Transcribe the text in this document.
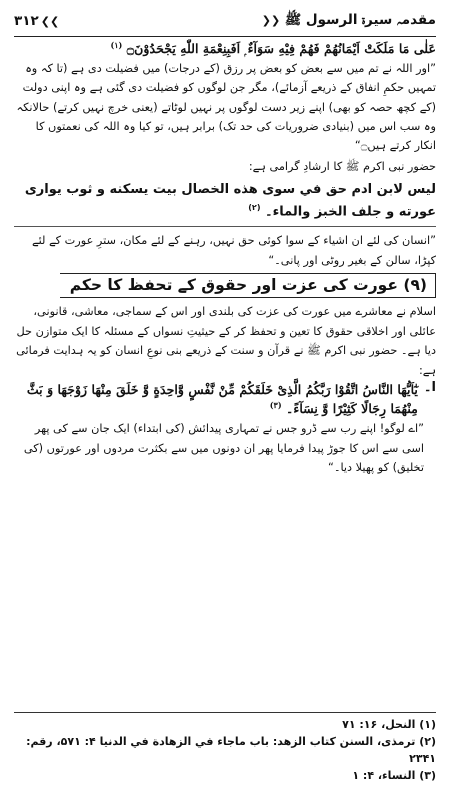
مقدمہ سیرۃ الرسول ﷺ ❮❮
❯❯
۳۱۲
عَلٰى مَا مَلَكَتْ اَيْمَانُهُمْ فَهُمْ فِيْهِ سَوَآءٌ ۭ اَفَبِنِعْمَةِ اللّٰهِ يَجْحَدُوْنَ۝ $^{(۱)}$

”اور اللہ نے تم میں سے بعض کو بعض پر رزق (کے درجات) میں فضیلت دی ہے (تا کہ وہ تمہیں حکمِ انفاق کے ذریعے آزمائے)، مگر جن لوگوں کو فضیلت دی گئی ہے وہ اپنی دولت (کے کچھ حصہ کو بھی) اپنے زیر دست لوگوں پر نہیں لوٹاتے (یعنی خرچ نہیں کرتے) حالانکہ وہ سب اس میں (بنیادی ضروریات کی حد تک) برابر ہیں، تو کیا وہ اللہ کی نعمتوں کا انکار کرتے ہیں۝“

حضور نبی اکرم ﷺ کا ارشادِ گرامی ہے:

ليس لابن ادم حق في سوى هذه الخصال بيت يسكنه و ثوب يوارى عورته و جلف الخبز والماء۔ $^{(۲)}$

”انسان کی لئے ان اشیاء کے سوا کوئی حق نہیں، رہنے کے لئے مکان، سترِ عورت کے لئے کپڑا، سالن کے بغیر روٹی اور پانی۔“

(۹) عورت کی عزت اور حقوق کے تحفظ کا حکم

اسلام نے معاشرے میں عورت کی عزت کی بلندی اور اس کے سماجی، معاشی، قانونی، عائلی اور اخلاقی حقوق کا تعین و تحفظ کر کے حیثیتِ نسواں کے مسئلہ کا ایک متوازن حل دیا ہے۔ حضور نبی اکرم ﷺ نے قرآن و سنت کے ذریعے بنی نوعِ انسان کو یہ ہدایت فرمائی ہے:

ا۔
يٰٓاَيُّهَا النَّاسُ اتَّقُوْا رَبَّكُمُ الَّذِىْ خَلَقَكُمْ مِّنْ نَّفْسٍ وَّاحِدَةٍ وَّ خَلَقَ مِنْهَا زَوْجَهَا وَ بَثَّ مِنْهُمَا رِجَالًا كَثِيْرًا وَّ نِسَآءً۔ $^{(۳)}$

”اے لوگو! اپنے رب سے ڈرو جس نے تمہاری پیدائش (کی ابتداء) ایک جان سے کی پھر اسی سے اس کا جوڑ پیدا فرمایا پھر ان دونوں میں سے بکثرت مردوں اور عورتوں (کی تخلیق) کو پھیلا دیا۔“

(۱) النحل، ۱۶: ۷۱
(۲) ترمذی، السنن كتاب الزهد: باب ماجاء في الزهادة في الدنيا ۴: ۵۷۱، رقم: ۲۳۴۱
(۳) النساء، ۴: ۱
